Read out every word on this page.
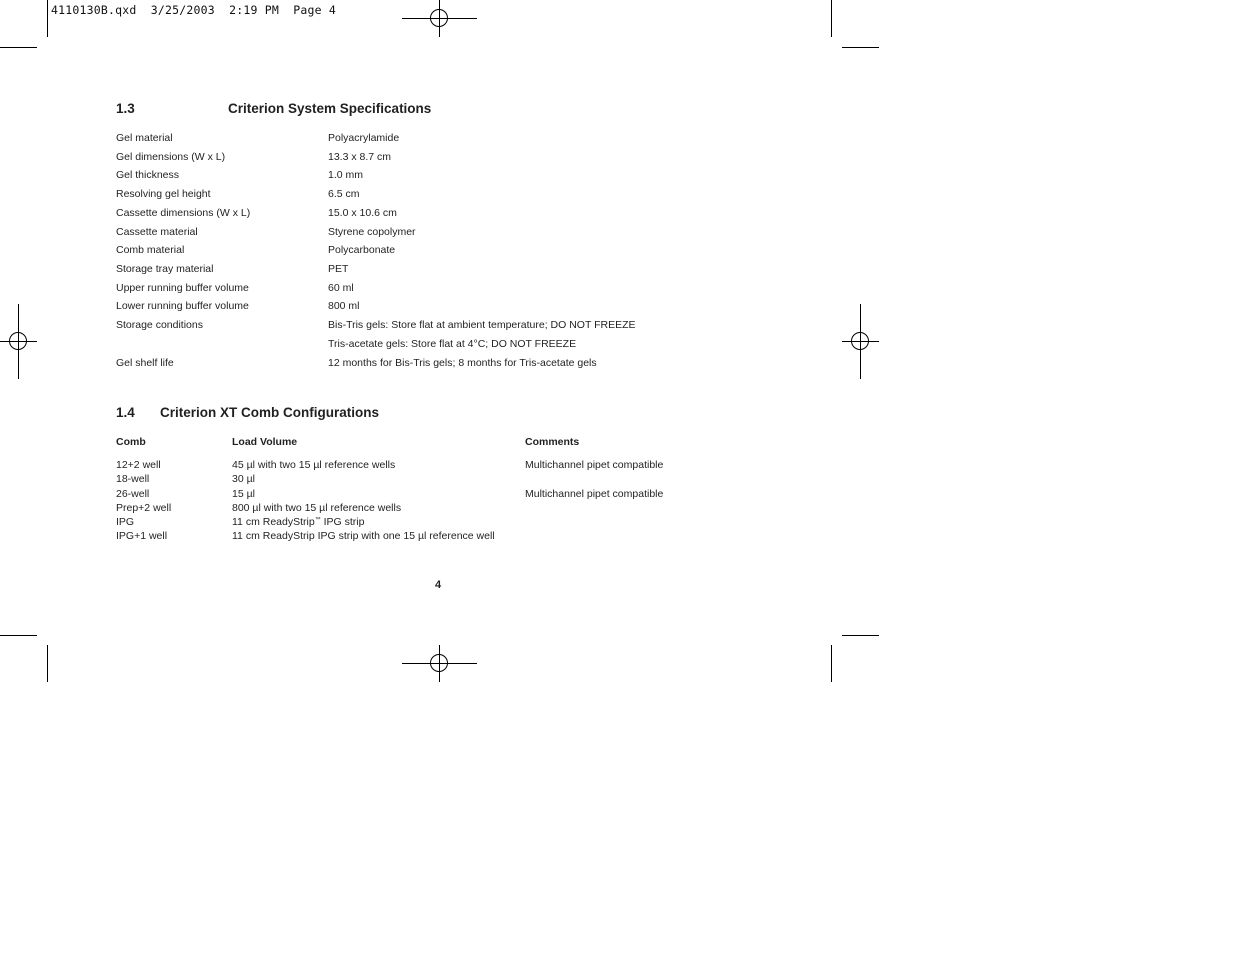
4110130B.qxd  3/25/2003  2:19 PM  Page 4
1.3	Criterion System Specifications
Gel material	Polyacrylamide
Gel dimensions (W x L)	13.3 x 8.7 cm
Gel thickness	1.0 mm
Resolving gel height	6.5 cm
Cassette dimensions (W x L)	15.0 x 10.6 cm
Cassette material	Styrene copolymer
Comb material	Polycarbonate
Storage tray material	PET
Upper running buffer volume	60 ml
Lower running buffer volume	800 ml
Storage conditions	Bis-Tris gels: Store flat at ambient temperature; DO NOT FREEZE
Tris-acetate gels: Store flat at 4°C; DO NOT FREEZE
Gel shelf life	12 months for Bis-Tris gels; 8 months for Tris-acetate gels
1.4 Criterion XT Comb Configurations
Comb	Load Volume	Comments
12+2 well	45 µl with two 15 µl reference wells	Multichannel pipet compatible
18-well	30 µl
26-well	15 µl	Multichannel pipet compatible
Prep+2 well	800 µl with two 15 µl reference wells
IPG	11 cm ReadyStrip™ IPG strip
IPG+1 well	11 cm ReadyStrip IPG strip with one 15 µl reference well
4
